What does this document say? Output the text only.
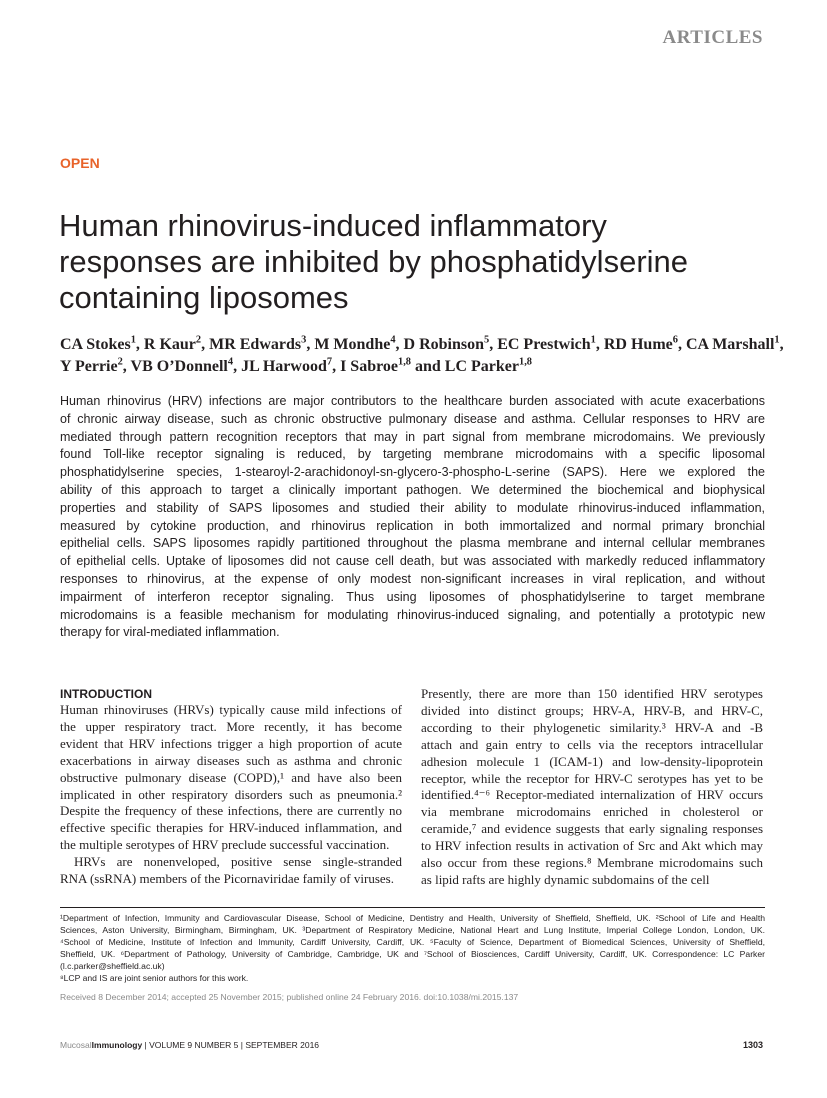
ARTICLES
OPEN
Human rhinovirus-induced inflammatory
responses are inhibited by phosphatidylserine
containing liposomes
CA Stokes$^1$, R Kaur$^2$, MR Edwards$^3$, M Mondhe$^4$, D Robinson$^5$, EC Prestwich$^1$, RD Hume$^6$, CA Marshall$^1$,
Y Perrie$^2$, VB O’Donnell$^4$, JL Harwood$^7$, I Sabroe$^{1,8}$ and LC Parker$^{1,8}$
Human rhinovirus (HRV) infections are major contributors to the healthcare burden associated with acute exacerbations
of chronic airway disease, such as chronic obstructive pulmonary disease and asthma. Cellular responses to HRV are
mediated through pattern recognition receptors that may in part signal from membrane microdomains. We previously
found Toll-like receptor signaling is reduced, by targeting membrane microdomains with a specific liposomal
phosphatidylserine species, 1-stearoyl-2-arachidonoyl-sn-glycero-3-phospho-L-serine (SAPS). Here we explored the
ability of this approach to target a clinically important pathogen. We determined the biochemical and biophysical
properties and stability of SAPS liposomes and studied their ability to modulate rhinovirus-induced inflammation,
measured by cytokine production, and rhinovirus replication in both immortalized and normal primary bronchial
epithelial cells. SAPS liposomes rapidly partitioned throughout the plasma membrane and internal cellular membranes
of epithelial cells. Uptake of liposomes did not cause cell death, but was associated with markedly reduced inflammatory
responses to rhinovirus, at the expense of only modest non-significant increases in viral replication, and without
impairment of interferon receptor signaling. Thus using liposomes of phosphatidylserine to target membrane
microdomains is a feasible mechanism for modulating rhinovirus-induced signaling, and potentially a prototypic new
therapy for viral-mediated inflammation.
INTRODUCTION
Human rhinoviruses (HRVs) typically cause mild infections of
the upper respiratory tract. More recently, it has become
evident that HRV infections trigger a high proportion of acute
exacerbations in airway diseases such as asthma and chronic
obstructive pulmonary disease (COPD),¹ and have also been
implicated in other respiratory disorders such as pneumonia.²
Despite the frequency of these infections, there are currently no
effective specific therapies for HRV-induced inflammation, and
the multiple serotypes of HRV preclude successful vaccination.
HRVs are nonenveloped, positive sense single-stranded
RNA (ssRNA) members of the Picornaviridae family of viruses.
Presently, there are more than 150 identified HRV serotypes
divided into distinct groups; HRV-A, HRV-B, and HRV-C,
according to their phylogenetic similarity.³ HRV-A and -B
attach and gain entry to cells via the receptors intracellular
adhesion molecule 1 (ICAM-1) and low-density-lipoprotein
receptor, while the receptor for HRV-C serotypes has yet to be
identified.⁴⁻⁶ Receptor-mediated internalization of HRV occurs
via membrane microdomains enriched in cholesterol or
ceramide,⁷ and evidence suggests that early signaling responses
to HRV infection results in activation of Src and Akt which may
also occur from these regions.⁸ Membrane microdomains such
as lipid rafts are highly dynamic subdomains of the cell
¹Department of Infection, Immunity and Cardiovascular Disease, School of Medicine, Dentistry and Health, University of Sheffield, Sheffield, UK. ²School of Life and Health
Sciences, Aston University, Birmingham, Birmingham, UK. ³Department of Respiratory Medicine, National Heart and Lung Institute, Imperial College London, London, UK.
⁴School of Medicine, Institute of Infection and Immunity, Cardiff University, Cardiff, UK. ⁵Faculty of Science, Department of Biomedical Sciences, University of Sheffield,
Sheffield, UK. ⁶Department of Pathology, University of Cambridge, Cambridge, UK and ⁷School of Biosciences, Cardiff University, Cardiff, UK. Correspondence: LC Parker
(l.c.parker@sheffield.ac.uk)
⁸LCP and IS are joint senior authors for this work.
Received 8 December 2014; accepted 25 November 2015; published online 24 February 2016. doi:10.1038/mi.2015.137
MucosalImmunology | VOLUME 9 NUMBER 5 | SEPTEMBER 2016	1303
